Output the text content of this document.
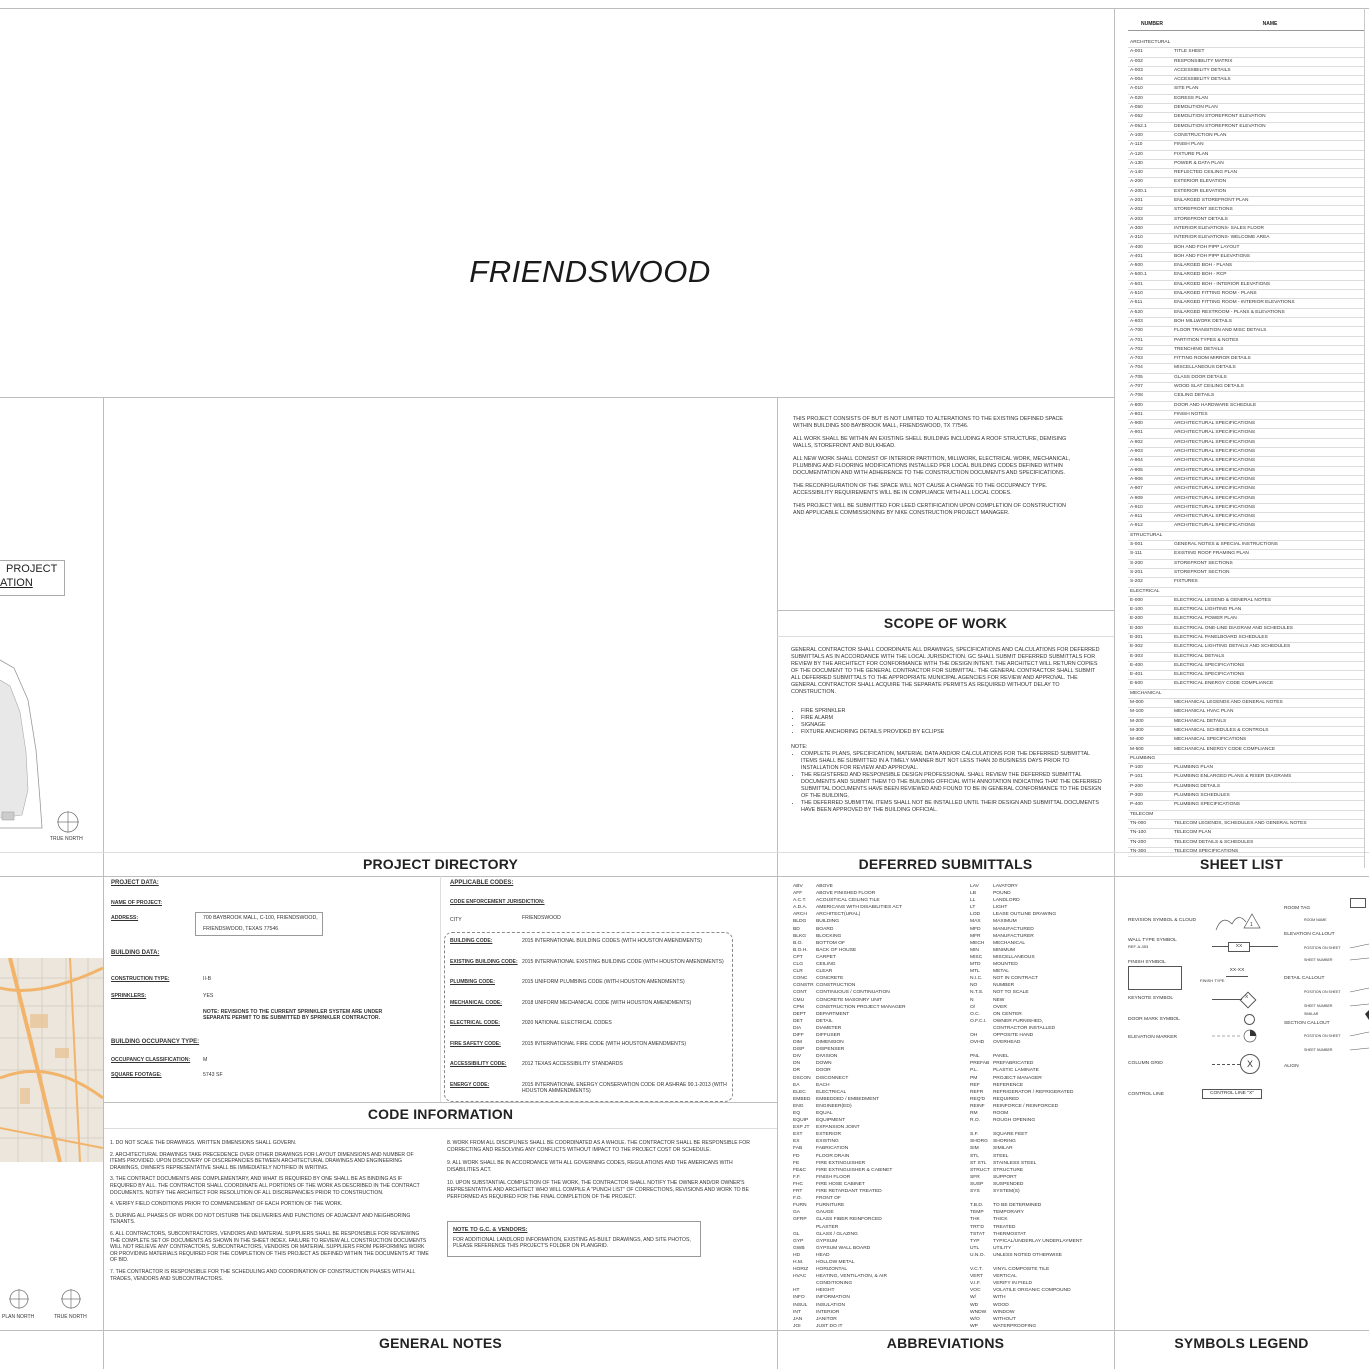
FRIENDSWOOD
PROJECT
ATION
TRUE NORTH
PLAN NORTH	TRUE NORTH

THIS PROJECT CONSISTS OF BUT IS NOT LIMITED TO ALTERATIONS TO THE EXISTING DEFINED SPACE WITHIN BUILDING 500 BAYBROOK MALL, FRIENDSWOOD, TX 77546.

ALL WORK SHALL BE WITHIN AN EXISTING SHELL BUILDING INCLUDING A ROOF STRUCTURE, DEMISING WALLS, STOREFRONT AND BULKHEAD.

ALL NEW WORK SHALL CONSIST OF INTERIOR PARTITION, MILLWORK, ELECTRICAL WORK, MECHANICAL, PLUMBING AND FLOORING MODIFICATIONS INSTALLED PER LOCAL BUILDING CODES DEFINED WITHIN DOCUMENTATION AND WITH ADHERENCE TO THE CONSTRUCTION DOCUMENTS AND SPECIFICATIONS.

THE RECONFIGURATION OF THE SPACE WILL NOT CAUSE A CHANGE TO THE OCCUPANCY TYPE. ACCESSIBILITY REQUIREMENTS WILL BE IN COMPLIANCE WITH ALL LOCAL CODES.

THIS PROJECT WILL BE SUBMITTED FOR LEED CERTIFICATION UPON COMPLETION OF CONSTRUCTION AND APPLICABLE COMMISSIONING BY NIKE CONSTRUCTION PROJECT MANAGER.

SCOPE OF WORK

GENERAL CONTRACTOR SHALL COORDINATE ALL DRAWINGS, SPECIFICATIONS AND CALCULATIONS FOR DEFERRED SUBMITTALS AS IN ACCORDANCE WITH THE LOCAL JURISDICTION. GC SHALL SUBMIT DEFERRED SUBMITTALS FOR REVIEW BY THE ARCHITECT FOR CONFORMANCE WITH THE DESIGN INTENT. THE ARCHITECT WILL RETURN COPIES OF THE DOCUMENT TO THE GENERAL CONTRACTOR FOR SUBMITTAL. THE GENERAL CONTRACTOR SHALL SUBMIT ALL DEFERRED SUBMITTALS TO THE APPROPRIATE MUNICIPAL AGENCIES FOR REVIEW AND APPROVAL. THE GENERAL CONTRACTOR SHALL ACQUIRE THE SEPARATE PERMITS AS REQUIRED WITHOUT DELAY TO CONSTRUCTION.

• FIRE SPRINKLER
• FIRE ALARM
• SIGNAGE
• FIXTURE ANCHORING DETAILS PROVIDED BY ECLIPSE
NOTE:
• COMPLETE PLANS, SPECIFICATION, MATERIAL DATA AND/OR CALCULATIONS FOR THE DEFERRED SUBMITTAL ITEMS SHALL BE SUBMITTED IN A TIMELY MANNER BUT NOT LESS THAN 30 BUSINESS DAYS PRIOR TO INSTALLATION FOR REVIEW AND APPROVAL.
• THE REGISTERED AND RESPONSIBLE DESIGN PROFESSIONAL SHALL REVIEW THE DEFERRED SUBMITTAL DOCUMENTS AND SUBMIT THEM TO THE BUILDING OFFICIAL WITH ANNOTATION INDICATING THAT THE DEFERRED SUBMITTAL DOCUMENTS HAVE BEEN REVIEWED AND FOUND TO BE IN GENERAL CONFORMANCE TO THE DESIGN OF THE BUILDING.
• THE DEFERRED SUBMITTAL ITEMS SHALL NOT BE INSTALLED UNTIL THEIR DESIGN AND SUBMITTAL DOCUMENTS HAVE BEEN APPROVED BY THE BUILDING OFFICIAL.
DEFERRED SUBMITTALS
PROJECT DIRECTORY
NUMBER	NAME
ARCHITECTURAL
A-001	TITLE SHEET
A-002	RESPONSIBILITY MATRIX
A-003	ACCESSIBILITY DETAILS
A-004	ACCESSIBILITY DETAILS
A-010	SITE PLAN
A-020	EGRESS PLAN
A-050	DEMOLITION PLAN
A-052	DEMOLITION STOREFRONT ELEVATION
A-052.1	DEMOLITION STOREFRONT ELEVATION
A-100	CONSTRUCTION PLAN
A-110	FINISH PLAN
A-120	FIXTURE PLAN
A-130	POWER & DATA PLAN
A-140	REFLECTED CEILING PLAN
A-200	EXTERIOR ELEVATION
A-200.1	EXTERIOR ELEVATION
A-201	ENLARGED STOREFRONT PLAN
A-202	STOREFRONT SECTIONS
A-203	STOREFRONT DETAILS
A-300	INTERIOR ELEVATIONS- SALES FLOOR
A-310	INTERIOR ELEVATIONS- WELCOME AREA
A-400	BOH AND FOH PIPP LAYOUT
A-401	BOH AND FOH PIPP ELEVATIONS
A-500	ENLARGED BOH - PLANS
A-500.1	ENLARGED BOH - RCP
A-501	ENLARGED BOH - INTERIOR ELEVATIONS
A-510	ENLARGED FITTING ROOM - PLANS
A-511	ENLARGED FITTING ROOM - INTERIOR ELEVATIONS
A-520	ENLARGED RESTROOM - PLANS & ELEVATIONS
A-603	BOH MILLWORK DETAILS
A-700	FLOOR TRANSITION AND MISC DETAILS
A-701	PARTITION TYPES & NOTES
A-702	TRENCHING DETAILS
A-703	FITTING ROOM MIRROR DETAILS
A-704	MISCELLANEOUS DETAILS
A-705	GLASS DOOR DETAILS
A-707	WOOD SLAT CEILING DETAILS
A-708	CEILING DETAILS
A-800	DOOR AND HARDWARE SCHEDULE
A-801	FINISH NOTES
A-900	ARCHITECTURAL SPECIFICATIONS
A-901	ARCHITECTURAL SPECIFICATIONS
A-902	ARCHITECTURAL SPECIFICATIONS
A-903	ARCHITECTURAL SPECIFICATIONS
A-904	ARCHITECTURAL SPECIFICATIONS
A-905	ARCHITECTURAL SPECIFICATIONS
A-906	ARCHITECTURAL SPECIFICATIONS
A-907	ARCHITECTURAL SPECIFICATIONS
A-909	ARCHITECTURAL SPECIFICATIONS
A-910	ARCHITECTURAL SPECIFICATIONS
A-911	ARCHITECTURAL SPECIFICATIONS
A-912	ARCHITECTURAL SPECIFICATIONS
STRUCTURAL
S-001	GENERAL NOTES & SPECIAL INSTRUCTIONS
S-111	EXISTING ROOF FRAMING PLAN
S-200	STOREFRONT SECTIONS
S-201	STOREFRONT SECTION
S-202	FIXTURES
ELECTRICAL
E-000	ELECTRICAL LEGEND & GENERAL NOTES
E-100	ELECTRICAL LIGHTING PLAN
E-200	ELECTRICAL POWER PLAN
E-300	ELECTRICAL ONE-LINE DIAGRAM AND SCHEDULES
E-301	ELECTRICAL PANELBOARD SCHEDULES
E-302	ELECTRICAL LIGHTING DETAILS AND SCHEDULES
E-303	ELECTRICAL DETAILS
E-400	ELECTRICAL SPECIFICATIONS
E-401	ELECTRICAL SPECIFICATIONS
E-500	ELECTRICAL ENERGY CODE COMPLIANCE
MECHANICAL
M-000	MECHANICAL LEGENDS AND GENERAL NOTES
M-100	MECHANICAL HVAC PLAN
M-200	MECHANICAL DETAILS
M-300	MECHANICAL SCHEDULES & CONTROLS
M-400	MECHANICAL SPECIFICATIONS
M-500	MECHANICAL ENERGY CODE COMPLIANCE
PLUMBING
P-100	PLUMBING PLAN
P-101	PLUMBING ENLARGED PLANS & RISER DIAGRAMS
P-200	PLUMBING DETAILS
P-300	PLUMBING SCHEDULES
P-400	PLUMBING SPECIFICATIONS
TELECOM
TN-000	TELECOM LEGENDS, SCHEDULES AND GENERAL NOTES
TN-100	TELECOM PLAN
TN-200	TELECOM DETAILS & SCHEDULES
TN-300	TELECOM SPECIFICATIONS
SHEET LIST
PROJECT DATA:
NAME OF PROJECT:
ADDRESS:	700 BAYBROOK MALL, C-100, FRIENDSWOOD,
FRIENDSWOOD, TEXAS 77546
BUILDING DATA:
CONSTRUCTION TYPE:	II-B
SPRINKLERS:	YES
NOTE: REVISIONS TO THE CURRENT SPRINKLER SYSTEM ARE UNDER SEPARATE PERMIT TO BE SUBMITTED BY SPRINKLER CONTRACTOR.
BUILDING OCCUPANCY TYPE:
OCCUPANCY CLASSIFICATION: M
SQUARE FOOTAGE:	5743 SF
APPLICABLE CODES:
CODE ENFORCEMENT JURISDICTION:
CITY	FRIENDSWOOD
BUILDING CODE:	2015 INTERNATIONAL BUILDING CODES (WITH HOUSTON AMENDMENTS)
EXISTING BUILDING CODE: 2015 INTERNATIONAL EXISTING BUILDING CODE (WITH HOUSTON AMENDMENTS)
PLUMBING CODE:	2015 UNIFORM PLUMBING CODE (WITH HOUSTON AMENDMENTS)
MECHANICAL CODE:	2018 UNIFORM MECHANICAL CODE (WITH HOUSTON AMENDMENTS)
ELECTRICAL CODE:	2020 NATIONAL ELECTRICAL CODES
FIRE SAFETY CODE:	2015 INTERNATIONAL FIRE CODE (WITH HOUSTON AMENDMENTS)
ACCESSIBILITY CODE:	2012 TEXAS ACCESSIBILITY STANDARDS
ENERGY CODE:	2015 INTERNATIONAL ENERGY CONSERVATION CODE OR ASHRAE 90.1-2013 (WITH HOUSTON AMMENDMENTS)
CODE INFORMATION

1. DO NOT SCALE THE DRAWINGS. WRITTEN DIMENSIONS SHALL GOVERN.

2. ARCHITECTURAL DRAWINGS TAKE PRECEDENCE OVER OTHER DRAWINGS FOR LAYOUT DIMENSIONS AND NUMBER OF ITEMS PROVIDED. UPON DISCOVERY OF DISCREPANCIES BETWEEN ARCHITECTURAL DRAWINGS AND ENGINEERING DRAWINGS, OWNER'S REPRESENTATIVE SHALL BE IMMEDIATELY NOTIFIED IN WRITING.

3. THE CONTRACT DOCUMENTS ARE COMPLEMENTARY, AND WHAT IS REQUIRED BY ONE SHALL BE AS BINDING AS IF REQUIRED BY ALL. THE CONTRACTOR SHALL COORDINATE ALL PORTIONS OF THE WORK AS DESCRIBED IN THE CONTRACT DOCUMENTS. NOTIFY THE ARCHITECT FOR RESOLUTION OF ALL DISCREPANCIES PRIOR TO CONSTRUCTION.

4. VERIFY FIELD CONDITIONS PRIOR TO COMMENCEMENT OF EACH PORTION OF THE WORK.

5. DURING ALL PHASES OF WORK DO NOT DISTURB THE DELIVERIES AND FUNCTIONS OF ADJACENT AND NEIGHBORING TENANTS.

6. ALL CONTRACTORS, SUBCONTRACTORS, VENDORS AND MATERIAL SUPPLIERS SHALL BE RESPONSIBLE FOR REVIEWING THE COMPLETE SET OF DOCUMENTS AS SHOWN IN THE SHEET INDEX. FAILURE TO REVIEW ALL CONSTRUCTION DOCUMENTS WILL NOT RELIEVE ANY CONTRACTORS, SUBCONTRACTORS, VENDORS OR MATERIAL SUPPLIERS FROM PERFORMING WORK OR PROVIDING MATERIALS REQUIRED FOR THE COMPLETION OF THIS PROJECT AS DEFINED WITHIN THE DOCUMENTS AT TIME OF BID.

7. THE CONTRACTOR IS RESPONSIBLE FOR THE SCHEDULING AND COORDINATION OF CONSTRUCTION PHASES WITH ALL TRADES, VENDORS AND SUBCONTRACTORS.

8. WORK FROM ALL DISCIPLINES SHALL BE COORDINATED AS A WHOLE. THE CONTRACTOR SHALL BE RESPONSIBLE FOR CORRECTING AND RESOLVING ANY CONFLICTS WITHOUT IMPACT TO THE PROJECT COST OR SCHEDULE.

9. ALL WORK SHALL BE IN ACCORDANCE WITH ALL GOVERNING CODES, REGULATIONS AND THE AMERICANS WITH DISABILITIES ACT.

10. UPON SUBSTANTIAL COMPLETION OF THE WORK, THE CONTRACTOR SHALL NOTIFY THE OWNER AND/OR OWNER'S REPRESENTATIVE AND ARCHITECT WHO WILL COMPILE A "PUNCH LIST" OF CORRECTIONS, REVISIONS AND WORK TO BE PERFORMED AS REQUIRED FOR THE FINAL COMPLETION OF THE PROJECT.

NOTE TO G.C. & VENDORS:
FOR ADDITIONAL LANDLORD INFORMATION, EXISTING AS-BUILT DRAWINGS, AND SITE PHOTOS, PLEASE REFERENCE THIS PROJECT'S FOLDER ON PLANGRID.
GENERAL NOTES
ABV	ABOVE
AFF	ABOVE FINISHED FLOOR
A.C.T.	ACOUSTICAL CEILING TILE
A.D.A.	AMERICANS WITH DISABILITIES ACT
ARCH	ARCHITECT(URAL)
BLDG	BUILDING
BD	BOARD
BLKG	BLOCKING
B.O.	BOTTOM OF
B.O.H.	BACK OF HOUSE
CPT	CARPET
CLG	CEILING
CLR	CLEAR
CONC	CONCRETE
CONSTR CONSTRUCTION
CONT	CONTINUOUS / CONTINUATION
CMU	CONCRETE MASONRY UNIT
CPM	CONSTRUCTION PROJECT MANAGER
DEPT	DEPARTMENT
DET	DETAIL
DIA	DIAMETER
DIFF	DIFFUSER
DIM	DIMENSION
DISP	DISPENSER
DIV	DIVISION
DN	DOWN
DR	DOOR
DSCON	DISCONNECT
EA	EACH
ELEC	ELECTRICAL
EMBED	EMBEDDED / EMBEDMENT
ENG	ENGINEER(ED)
EQ	EQUAL
EQUIP	EQUIPMENT
EXP JT	EXPANSION JOINT
EXT	EXTERIOR
EX	EXISTING
FAB	FABRICATION
FD	FLOOR DRAIN
FE	FIRE EXTINGUISHER
FE&C	FIRE EXTINGUISHER & CABINET
F.F.	FINISH FLOOR
FHC	FIRE HOSE CABINET
FRT	FIRE RETARDANT TREATED
F.O.	FRONT OF
FURN	FURNITURE
GA	GAUGE
GFRP	GLASS FIBER REINFORCED
PLASTER
GL	GLASS / GLAZING
GYP	GYPSUM
GWB	GYPSUM WALL BOARD
HD	HEAD
H.M.	HOLLOW METAL
HORIZ	HORIZONTAL
HVAC	HEATING, VENTILATION, & AIR
CONDITIONING
HT	HEIGHT
INFO	INFORMATION
INSUL	INSULATION
INT	INTERIOR
JAN	JANITOR
JOI	JUST DO IT
LAV	LAVATORY
LB	POUND
LL	LANDLORD
LT	LIGHT
LOD	LEASE OUTLINE DRAWING
MAX	MAXIMUM
MFD	MANUFACTURED
MFR	MANUFACTURER
MECH	MECHANICAL
MIN	MINIMUM
MISC	MISCELLANEOUS
MTD	MOUNTED
MTL	METAL
N.I.C.	NOT IN CONTRACT
NO	NUMBER
N.T.S.	NOT TO SCALE
N	NEW
O/	OVER
O.C.	ON CENTER
O.F.C.I.	OWNER FURNISHED,
CONTRACTOR INSTALLED
OH	OPPOSITE HAND
OVHD	OVERHEAD
PNL	PANEL
PREFAB PREFABRICATED
P.L.	PLASTIC LAMINATE
PM	PROJECT MANAGER
REF	REFERENCE
REFR	REFRIGERATOR / REFRIGERATED
REQ'D	REQUIRED
REINF	REINFORCE / REINFORCED
RM	ROOM
R.O.	ROUGH OPENING
S.F.	SQUARE FEET
SHORG	SHORING
SIM	SIMILAR
STL	STEEL
ST STL	STAINLESS STEEL
STRUCT STRUCTURE
SFR	SUPPORT
SUSP	SUSPENDED
SYS	SYSTEM(S)
T.B.D.	TO BE DETERMINED
TEMP	TEMPORARY
THK	THICK
TRT'D	TREATED
TSTAT	THERMOSTAT
TYP	TYPICAL/UNDERLAY UNDERLAYMENT
UTL	UTILITY
U.N.O.	UNLESS NOTED OTHERWISE
V.C.T.	VINYL COMPOSITE TILE
VERT	VERTICAL
V.I.F.	VERIFY IN FIELD
VOC	VOLATILE ORGANIC COMPOUND
W/	WITH
WD	WOOD
WNDW	WINDOW
W/O	WITHOUT
WP	WATERPROOFING
ABBREVIATIONS
REVISION SYMBOL & CLOUD
1
WALL TYPE SYMBOL
REF. A-353	XX
FINISH SYMBOL
FINISH TYPE
XX-XX
KEYNOTE SYMBOL	X
DOOR MARK SYMBOL
ELEVATION MARKER
COLUMN GRID	X
CONTROL LINE	CONTROL LINE "X"
ROOM TAG
ROOM NAME
ELEVATION CALLOUT
POSITION ON SHEET
SHEET NUMBER
DETAIL CALLOUT
POSITION ON SHEET
SHEET NUMBER
SIMILAR
SECTION CALLOUT
POSITION ON SHEET
SHEET NUMBER
ALIGN
SYMBOLS LEGEND
